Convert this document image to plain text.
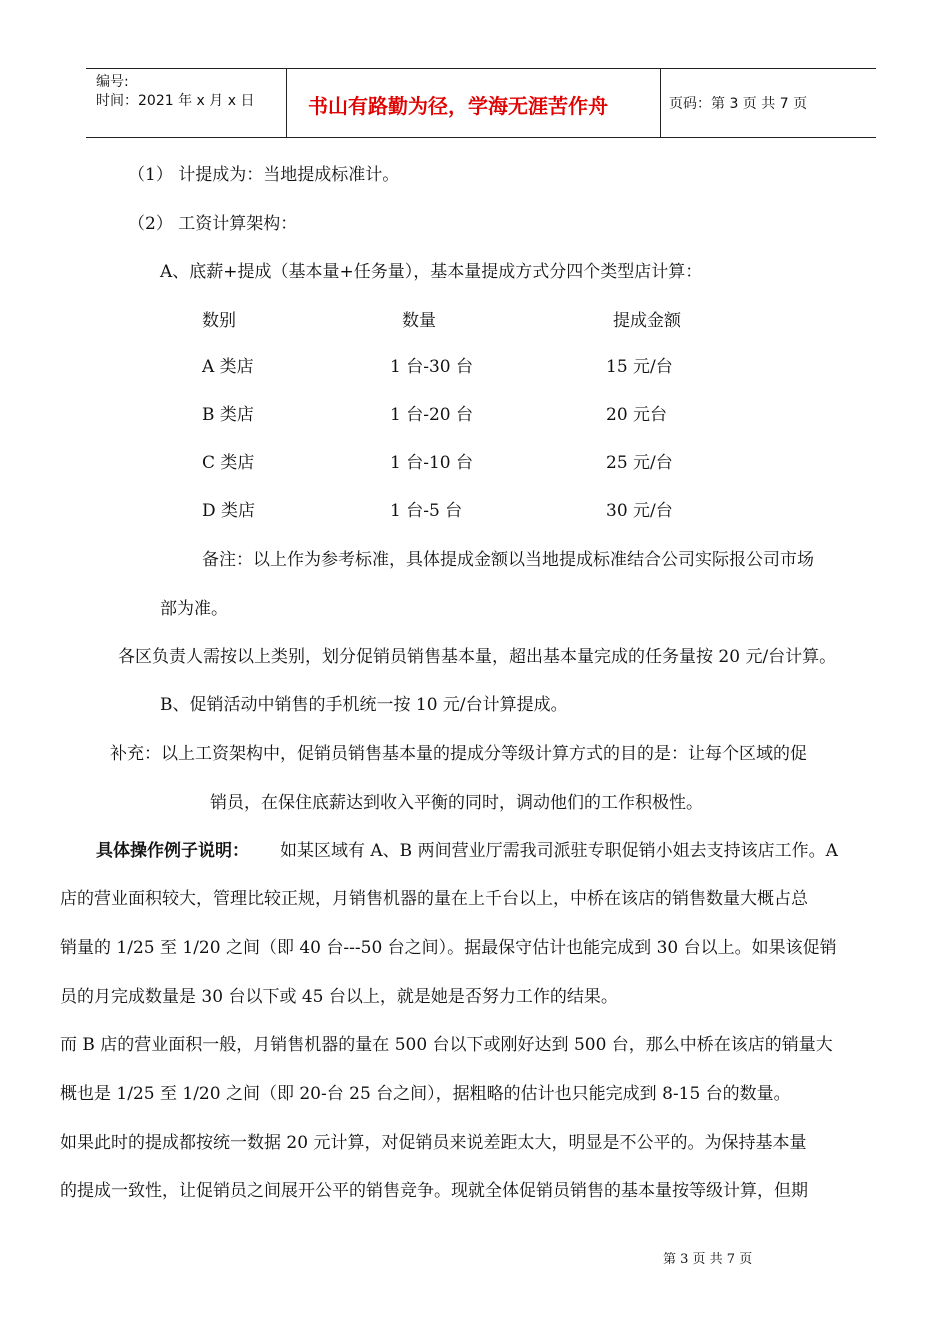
编号:
时间：2021 年 x 月 x 日	书山有路勤为径，学海无涯苦作舟	页码：第 3 页 共 7 页
（1） 计提成为：当地提成标准计。
（2） 工资计算架构：
A、底薪+提成（基本量+任务量），基本量提成方式分四个类型店计算：
数别	数量	提成金额
A 类店	1 台-30 台	15 元/台
B 类店	1 台-20 台	20 元台
C 类店	1 台-10 台	25 元/台
D 类店	1 台-5 台	30 元/台
备注：以上作为参考标准，具体提成金额以当地提成标准结合公司实际报公司市场
部为准。
各区负责人需按以上类别，划分促销员销售基本量，超出基本量完成的任务量按 20 元/台计算。
B、促销活动中销售的手机统一按 10 元/台计算提成。
补充：以上工资架构中，促销员销售基本量的提成分等级计算方式的目的是：让每个区域的促
销员，在保住底薪达到收入平衡的同时，调动他们的工作积极性。
具体操作例子说明： 如某区域有 A、B 两间营业厅需我司派驻专职促销小姐去支持该店工作。A
店的营业面积较大，管理比较正规，月销售机器的量在上千台以上，中桥在该店的销售数量大概占总
销量的 1/25 至 1/20 之间（即 40 台---50 台之间）。据最保守估计也能完成到 30 台以上。如果该促销
员的月完成数量是 30 台以下或 45 台以上，就是她是否努力工作的结果。
而 B 店的营业面积一般，月销售机器的量在 500 台以下或刚好达到 500 台，那么中桥在该店的销量大
概也是 1/25 至 1/20 之间（即 20-台 25 台之间），据粗略的估计也只能完成到 8-15 台的数量。
如果此时的提成都按统一数据 20 元计算，对促销员来说差距太大，明显是不公平的。为保持基本量
的提成一致性，让促销员之间展开公平的销售竞争。现就全体促销员销售的基本量按等级计算，但期
第 3 页 共 7 页
